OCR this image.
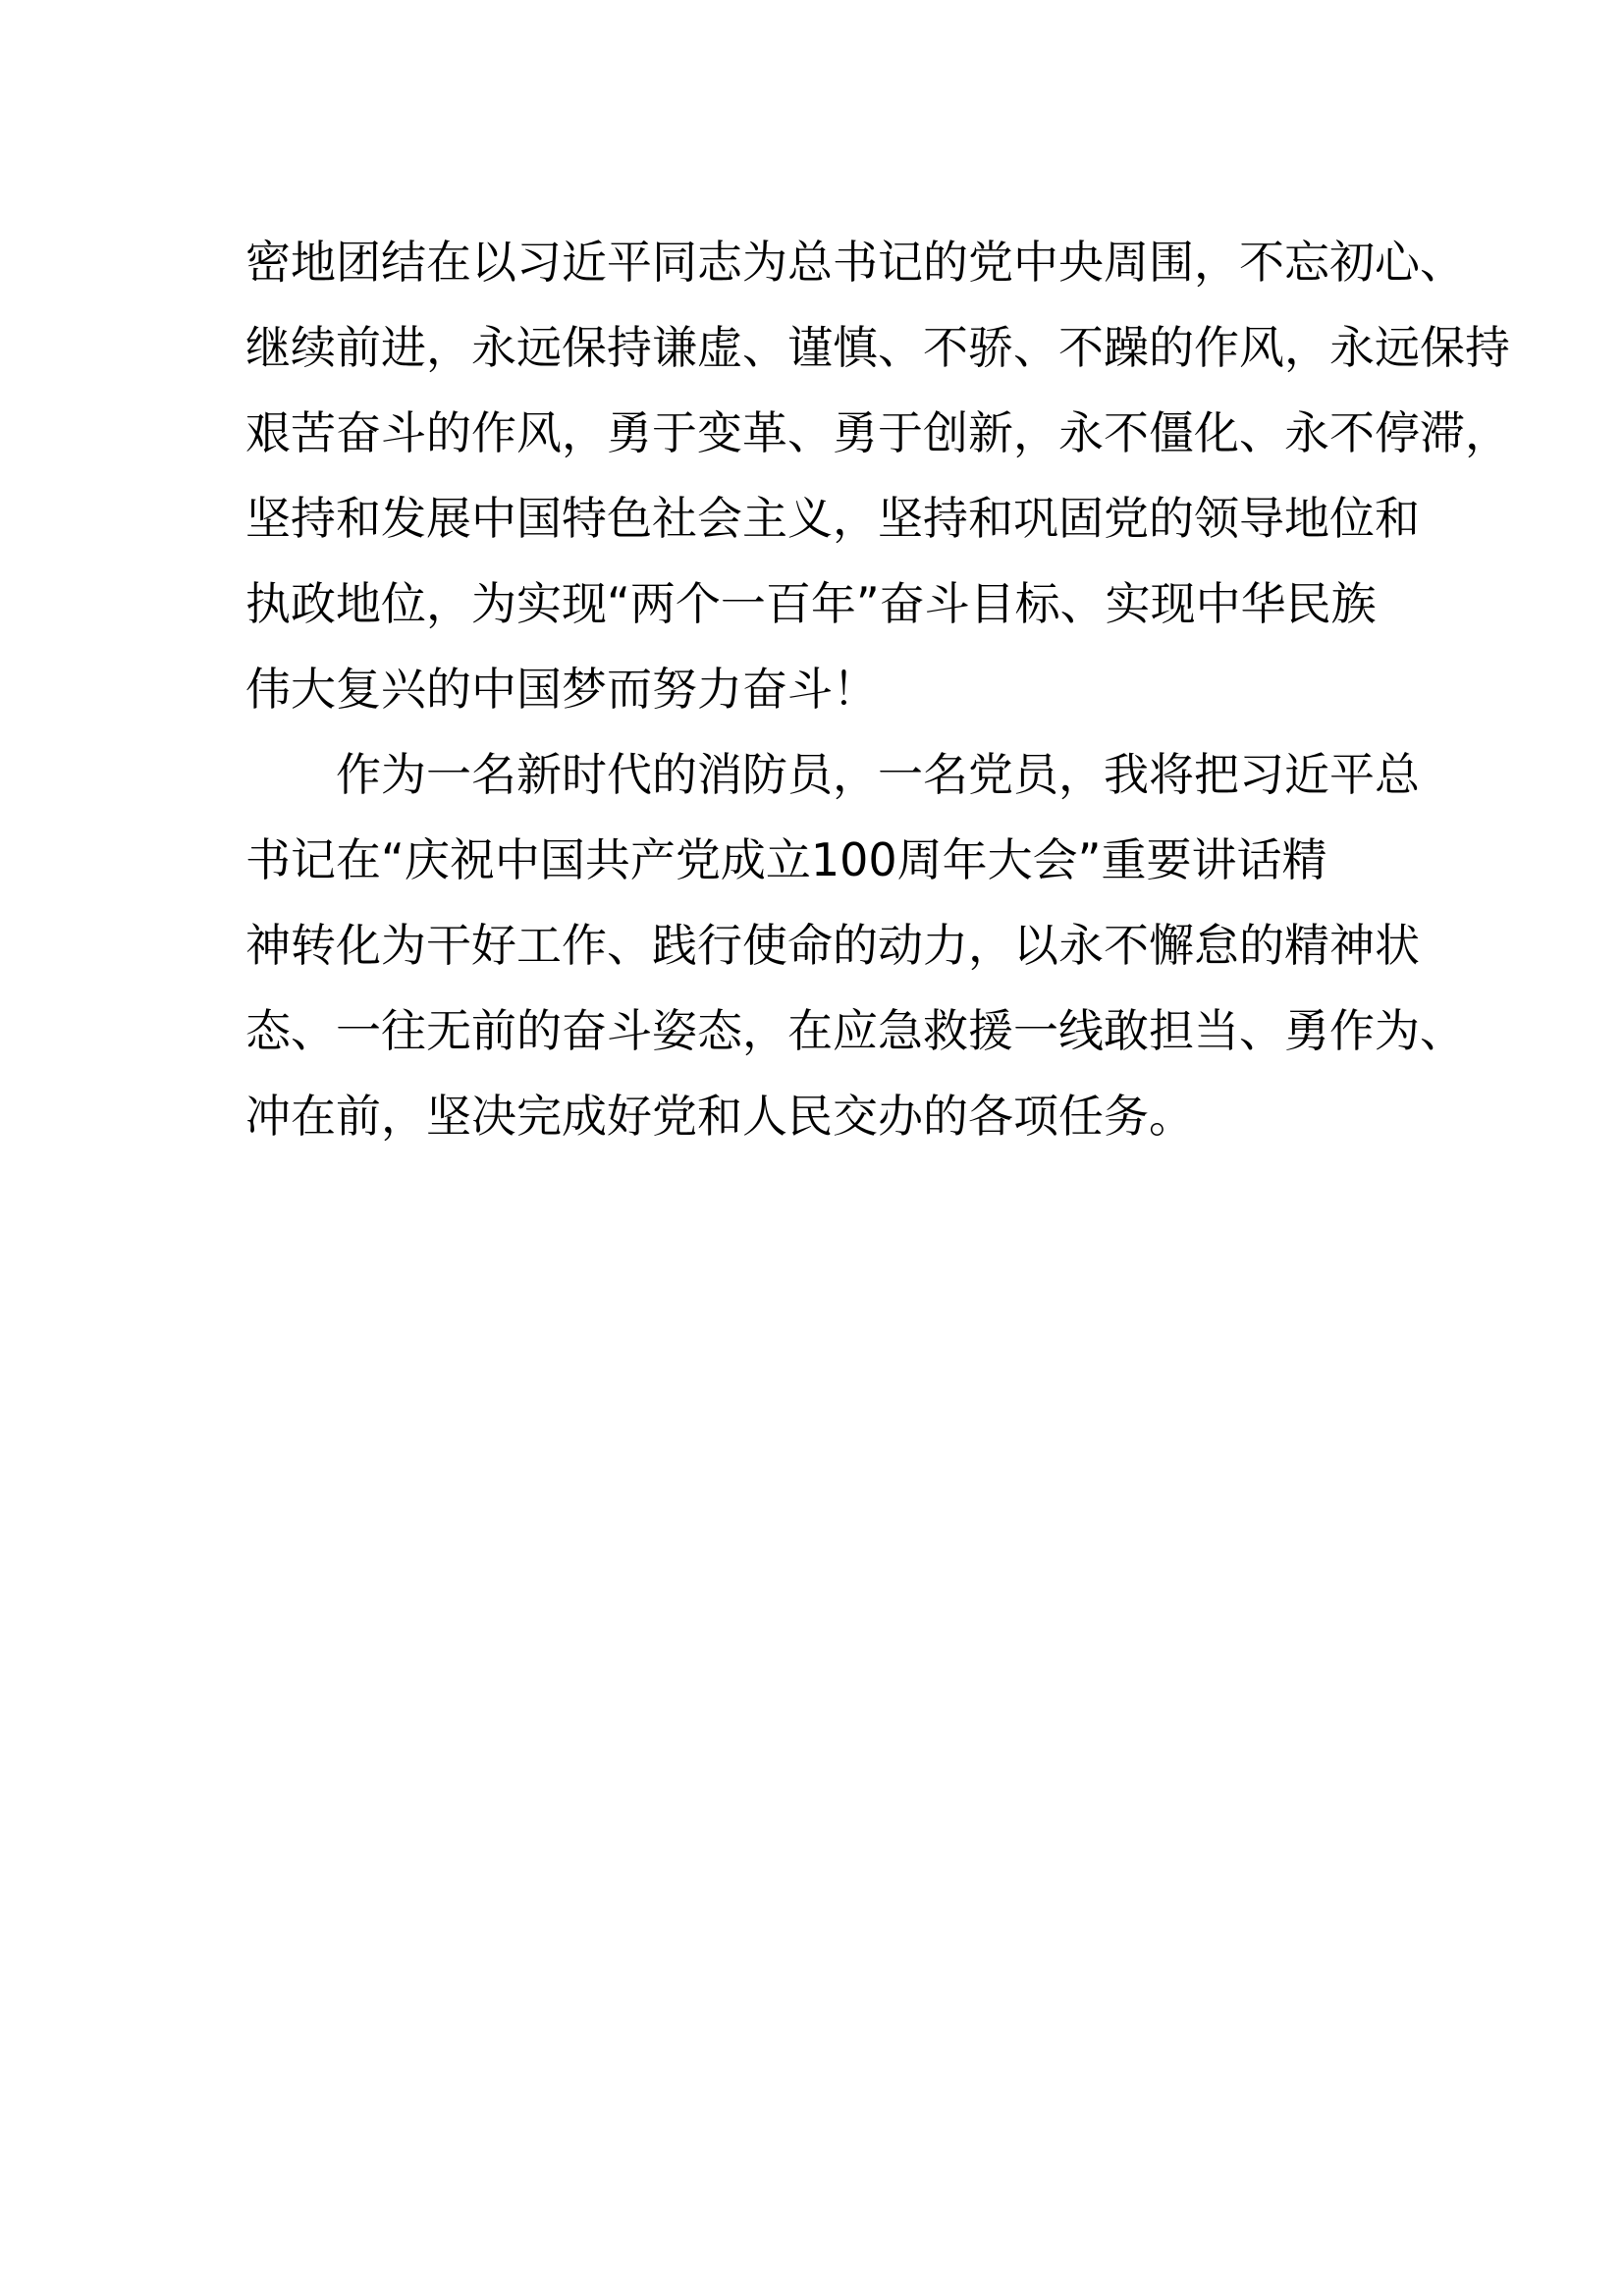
密地团结在以习近平同志为总书记的党中央周围，不忘初心、
继续前进，永远保持谦虚、谨慎、不骄、不躁的作风，永远保持
艰苦奋斗的作风，勇于变革、勇于创新，永不僵化、永不停滞，
坚持和发展中国特色社会主义，坚持和巩固党的领导地位和
执政地位，为实现“两个一百年”奋斗目标、实现中华民族
伟大复兴的中国梦而努力奋斗！
作为一名新时代的消防员，一名党员，我将把习近平总
书记在“庆祝中国共产党成立100周年大会”重要讲话精
神转化为干好工作、践行使命的动力，以永不懈怠的精神状
态、一往无前的奋斗姿态，在应急救援一线敢担当、勇作为、
冲在前，坚决完成好党和人民交办的各项任务。
